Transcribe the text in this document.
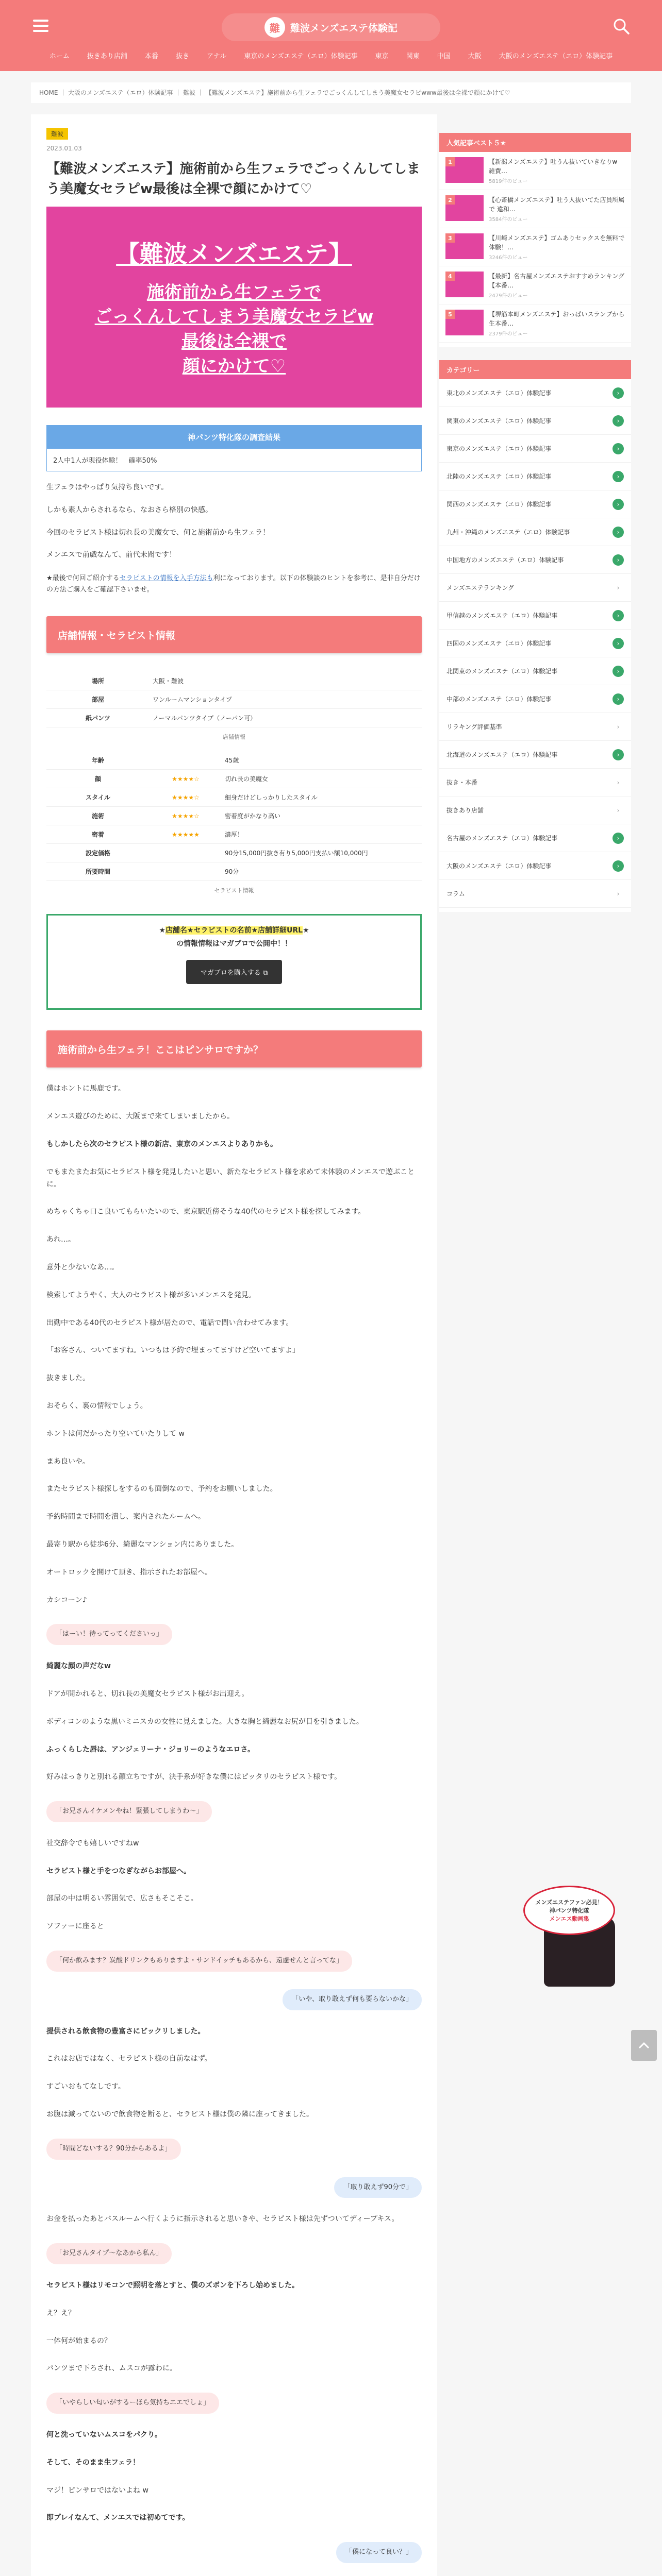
難	難波メンズエステ体験記
ホーム	抜きあり店舗	本番	抜き	アナル	東京のメンズエステ（エロ）体験記事	東京	関東	中国	大阪	大阪のメンズエステ（エロ）体験記事
HOME ｜ 大阪のメンズエステ（エロ）体験記事 ｜ 難波 ｜ 【難波メンズエステ】施術前から生フェラでごっくんしてしまう美魔女セラピwww最後は全裸で顔にかけて♡
難波
2023.01.03
【難波メンズエステ】施術前から生フェラでごっくんしてしまう美魔女セラピw最後は全裸で顔にかけて♡
【難波メンズエステ】
施術前から生フェラで
ごっくんしてしまう美魔女セラピw
最後は全裸で
顔にかけて♡
神パンツ特化隊の調査結果
2人中1人が現役体験！　確率50%
生フェラはやっぱり気持ち良いです。
しかも素人からされるなら、なおさら格別の快感。
今回のセラピスト様は切れ長の美魔女で、何と施術前から生フェラ！
メンエスで前戯なんて、前代未聞です！
★最後で何回ご紹介するセラピストの情報を入手方法も利になっております。以下の体験談のヒントを参考に、是非自分だけの方法ご購入をご確認下さいませ。
店舗情報・セラピスト情報
場所	大阪・難波
部屋	ワンルームマンションタイプ
紙パンツ	ノーマルパンツタイプ（ノーパン可）
店舗情報
年齢		45歳
顔	★★★★☆	切れ長の美魔女
スタイル	★★★★☆	細身だけどしっかりしたスタイル
施術	★★★★☆	密着度がかなり高い
密着	★★★★★	濃厚！
設定価格		90分15,000円抜き有り5,000円支払い額10,000円
所要時間		90分
セラピスト情報
★店舗名★セラピストの名前★店舗詳細URL★
の情報情報はマガブロで公開中！！
マガブロを購入する ⧉
施術前から生フェラ！ここはピンサロですか？
僕はホントに馬鹿です。
メンエス遊びのために、大阪まで来てしまいましたから。
もしかしたら次のセラピスト様の新店、東京のメンエスよりありかも。
でもまたまたお気にセラピスト様を発見したいと思い、新たなセラピスト様を求めて未体験のメンエスで遊ぶことに。
めちゃくちゃ口こ良いてもらいたいので、東京駅近傍そうな40代のセラピスト様を探してみます。
あれ…。
意外と少ないなあ…。
検索してようやく、大人のセラピスト様が多いメンエスを発見。
出勤中である40代のセラピスト様が居たので、電話で問い合わせてみます。
「お客さん、ついてますね。いつもは予約で埋まってますけど空いてますよ」
抜きました。
おそらく、裏の情報でしょう。
ホントは何だかったり空いていたりして w
まあ良いや。
またセラピスト様探しをするのも面倒なので、予約をお願いしました。
予約時間まで時間を潰し、案内されたルームへ。
最寄り駅から徒歩6分、綺麗なマンション内にありました。
オートロックを開けて頂き、指示されたお部屋へ。
カシコーン♪
「はーい！待ってってくださいっ」
綺麗な顔の声だなw
ドアが開かれると、切れ長の美魔女セラピスト様がお出迎え。
ボディコンのような黒いミニスカの女性に見えました。大きな胸と綺麗なお尻が目を引きました。
ふっくらした唇は、アンジェリーナ・ジョリーのようなエロさ。
好みはっきりと別れる顔立ちですが、決手系が好きな僕にはピッタリのセラピスト様です。
「お兄さんイケメンやね！緊張してしまうわ〜」
社交辞令でも嬉しいですねw
セラピスト様と手をつなぎながらお部屋へ。
部屋の中は明るい雰囲気で、広さもそこそこ。
ソファーに座ると
「何か飲みます？炭酸ドリンクもありますよ・サンドイッチもあるから、遠慮せんと言ってな」
「いや、取り敢えず何も要らないかな」
提供される飲食物の豊富さにビックリしました。
これはお店ではなく、セラピスト様の自前なはず。
すごいおもてなしです。
お腹は減ってないので飲食物を断ると、セラピスト様は僕の隣に座ってきました。
「時間どないする？90分からあるよ」
「取り敢えず90分で」
お金を払ったあとバスルームへ行くように指示されると思いきや、セラピスト様は先ずついてディープキス。
「お兄さんタイプ〜なあから私ん」
セラピスト様はリモコンで照明を落とすと、僕のズボンを下ろし始めました。
え？え？
一体何が始まるの？
パンツまで下ろされ、ムスコが露わに。
「いやらしい匂いがするーほら気持ちエエでしょ」
何と洗っていないムスコをパクり。
そして、そのまま生フェラ！
マジ！ピンサロではないよね w
即プレイなんて、メンエスでは初めてです。
「僕になって良い？」
人気記事ベスト５★
1	【新潟メンズエステ】吐うん抜いていきなりw 雑費…
5819件のビュー
2	【心斎橋メンズエステ】吐う人抜いてた店員所属で 違和…
3584件のビュー
3	【川崎メンズエステ】ゴムありセックスを無料で体験！…
3246件のビュー
4	【最新】名古屋メンズエステおすすめランキング【本番…
2479件のビュー
5	【堺筋本町メンズエステ】おっぱいスランプから生本番…
2379件のビュー
カテゴリー
東北のメンズエステ（エロ）体験記事	›
関東のメンズエステ（エロ）体験記事	›
東京のメンズエステ（エロ）体験記事	›
北陸のメンズエステ（エロ）体験記事	›
関西のメンズエステ（エロ）体験記事	›
九州・沖縄のメンズエステ（エロ）体験記事	›
中国地方のメンズエステ（エロ）体験記事	›
メンズエステランキング	›
甲信越のメンズエステ（エロ）体験記事	›
四国のメンズエステ（エロ）体験記事	›
北関東のメンズエステ（エロ）体験記事	›
中部のメンズエステ（エロ）体験記事	›
リラキング評価基準	›
北海道のメンズエステ（エロ）体験記事	›
抜き・本番	›
抜きあり店舗	›
名古屋のメンズエステ（エロ）体験記事	›
大阪のメンズエステ（エロ）体験記事	›
コラム	›
メンズエステファン必見！
神パンツ特化隊
メンエス動画集
